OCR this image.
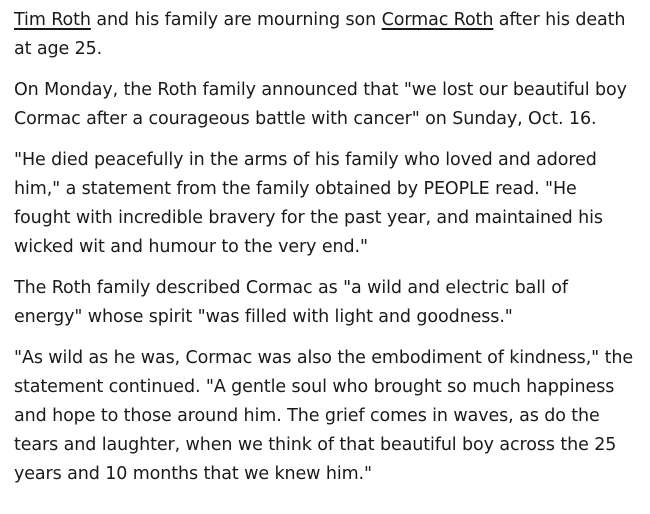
Tim Roth and his family are mourning son Cormac Roth after his death at age 25.

On Monday, the Roth family announced that "we lost our beautiful boy Cormac after a courageous battle with cancer" on Sunday, Oct. 16.

"He died peacefully in the arms of his family who loved and adored him," a statement from the family obtained by PEOPLE read. "He fought with incredible bravery for the past year, and maintained his wicked wit and humour to the very end."

The Roth family described Cormac as "a wild and electric ball of energy" whose spirit "was filled with light and goodness."

"As wild as he was, Cormac was also the embodiment of kindness," the statement continued. "A gentle soul who brought so much happiness and hope to those around him. The grief comes in waves, as do the tears and laughter, when we think of that beautiful boy across the 25 years and 10 months that we knew him."
